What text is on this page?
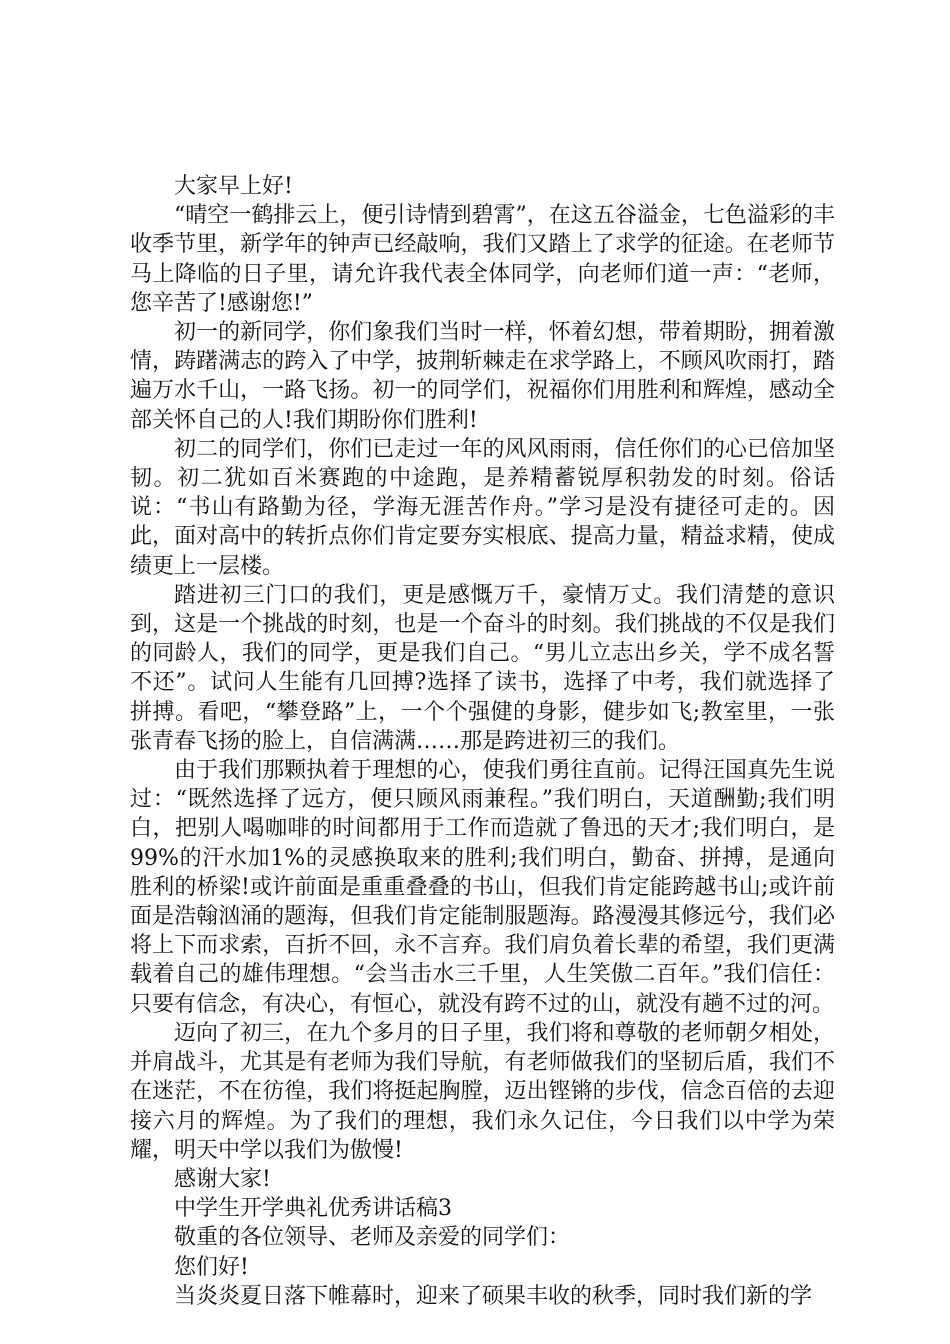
大家早上好!

“晴空一鹤排云上，便引诗情到碧霄”，在这五谷溢金，七色溢彩的丰收季节里，新学年的钟声已经敲响，我们又踏上了求学的征途。在老师节马上降临的日子里，请允许我代表全体同学，向老师们道一声：“老师，您辛苦了!感谢您!”

初一的新同学，你们象我们当时一样，怀着幻想，带着期盼，拥着激情，踌躇满志的跨入了中学，披荆斩棘走在求学路上，不顾风吹雨打，踏遍万水千山，一路飞扬。初一的同学们，祝福你们用胜利和辉煌，感动全部关怀自己的人!我们期盼你们胜利!

初二的同学们，你们已走过一年的风风雨雨，信任你们的心已倍加坚韧。初二犹如百米赛跑的中途跑，是养精蓄锐厚积勃发的时刻。俗话说：“书山有路勤为径，学海无涯苦作舟。”学习是没有捷径可走的。因此，面对高中的转折点你们肯定要夯实根底、提高力量，精益求精，使成绩更上一层楼。

踏进初三门口的我们，更是感慨万千，豪情万丈。我们清楚的意识到，这是一个挑战的时刻，也是一个奋斗的时刻。我们挑战的不仅是我们的同龄人，我们的同学，更是我们自己。“男儿立志出乡关，学不成名誓不还”。试问人生能有几回搏?选择了读书，选择了中考，我们就选择了拼搏。看吧，“攀登路”上，一个个强健的身影，健步如飞;教室里，一张张青春飞扬的脸上，自信满满……那是跨进初三的我们。

由于我们那颗执着于理想的心，使我们勇往直前。记得汪国真先生说过：“既然选择了远方，便只顾风雨兼程。”我们明白，天道酬勤;我们明白，把别人喝咖啡的时间都用于工作而造就了鲁迅的天才;我们明白，是99%的汗水加1%的灵感换取来的胜利;我们明白，勤奋、拼搏，是通向胜利的桥梁!或许前面是重重叠叠的书山，但我们肯定能跨越书山;或许前面是浩翰汹涌的题海，但我们肯定能制服题海。路漫漫其修远兮，我们必将上下而求索，百折不回，永不言弃。我们肩负着长辈的希望，我们更满载着自己的雄伟理想。“会当击水三千里，人生笑傲二百年。”我们信任：只要有信念，有决心，有恒心，就没有跨不过的山，就没有趟不过的河。

迈向了初三，在九个多月的日子里，我们将和尊敬的老师朝夕相处，并肩战斗，尤其是有老师为我们导航，有老师做我们的坚韧后盾，我们不在迷茫，不在彷徨，我们将挺起胸膛，迈出铿锵的步伐，信念百倍的去迎接六月的辉煌。为了我们的理想，我们永久记住，今日我们以中学为荣耀，明天中学以我们为傲慢!

感谢大家!

中学生开学典礼优秀讲话稿3

敬重的各位领导、老师及亲爱的同学们：

您们好!

当炎炎夏日落下帷幕时，迎来了硕果丰收的秋季，同时我们新的学
